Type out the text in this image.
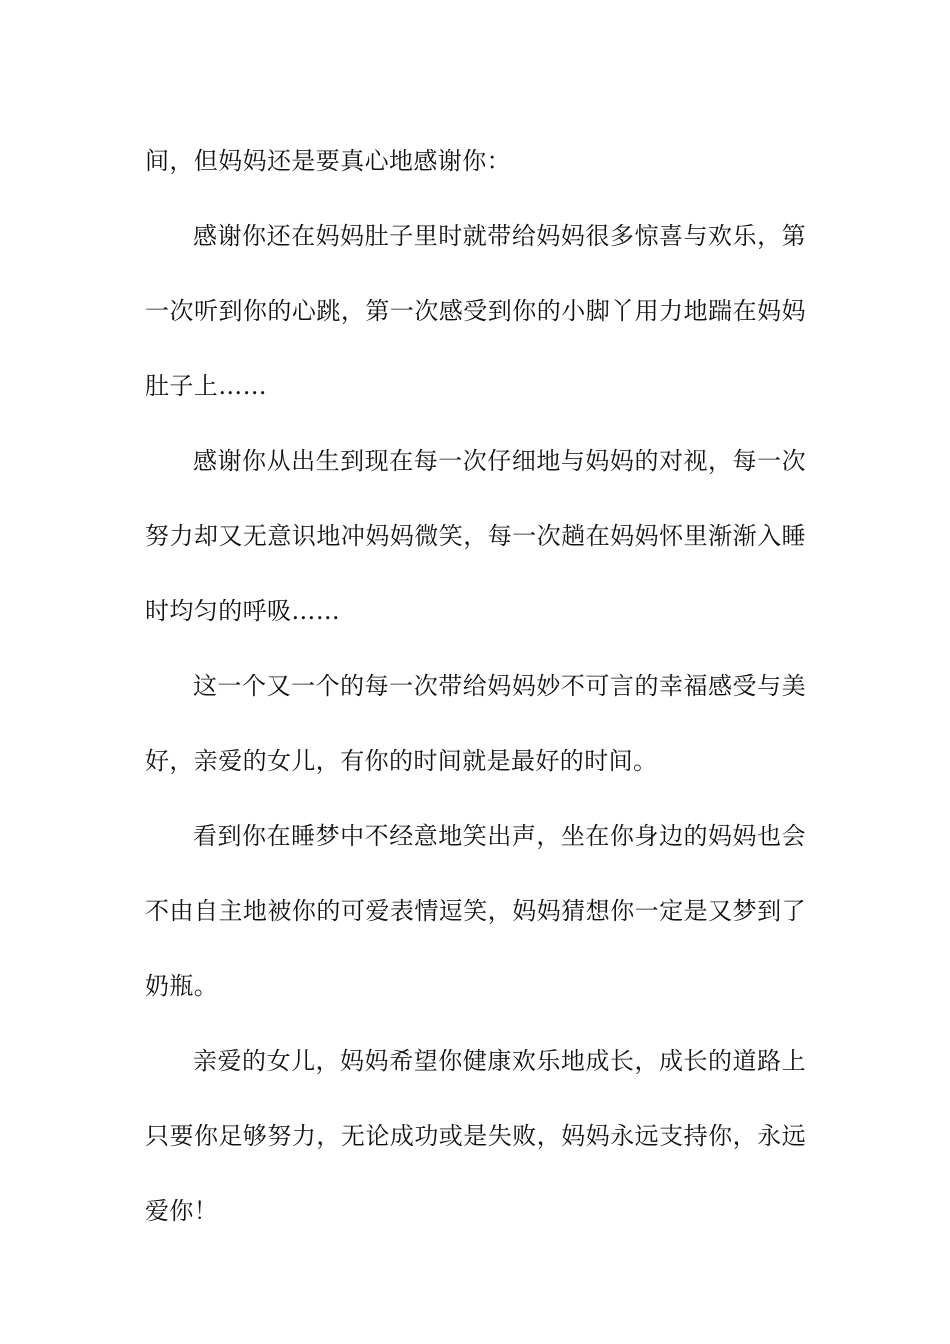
间，但妈妈还是要真心地感谢你：

感谢你还在妈妈肚子里时就带给妈妈很多惊喜与欢乐，第一次听到你的心跳，第一次感受到你的小脚丫用力地踹在妈妈肚子上……

感谢你从出生到现在每一次仔细地与妈妈的对视，每一次努力却又无意识地冲妈妈微笑，每一次趟在妈妈怀里渐渐入睡时均匀的呼吸……

这一个又一个的每一次带给妈妈妙不可言的幸福感受与美好，亲爱的女儿，有你的时间就是最好的时间。

看到你在睡梦中不经意地笑出声，坐在你身边的妈妈也会不由自主地被你的可爱表情逗笑，妈妈猜想你一定是又梦到了奶瓶。

亲爱的女儿，妈妈希望你健康欢乐地成长，成长的道路上只要你足够努力，无论成功或是失败，妈妈永远支持你，永远爱你！
